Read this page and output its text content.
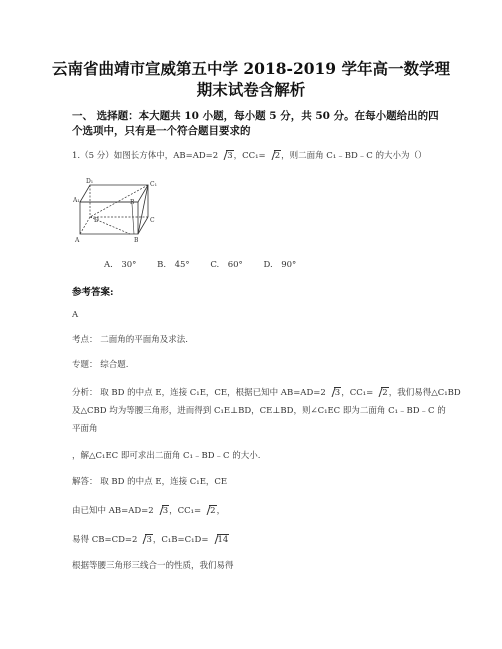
云南省曲靖市宣威第五中学 2018-2019 学年高一数学理
期末试卷含解析
一、 选择题：本大题共 10 小题，每小题 5 分，共 50 分。在每小题给出的四个选项中，只有是一个符合题目要求的
1.（5 分）如图长方体中，AB=AD=2 3，CC₁= 2，则二面角 C₁﹣BD﹣C 的大小为（）
D₁	C₁
A₁	B
D	C
A	B
A.　30° B.　45° C.　60° D.　90°
参考答案:
A
考点： 二面角的平面角及求法.
专题： 综合题.
分析： 取 BD 的中点 E，连接 C₁E，CE，根据已知中 AB=AD=2 3，CC₁= 2，我们易得△C₁BD
及△CBD 均为等腰三角形，进而得到 C₁E⊥BD，CE⊥BD，则∠C₁EC 即为二面角 C₁﹣BD﹣C 的
平面角
，解△C₁EC 即可求出二面角 C₁﹣BD﹣C 的大小.
解答： 取 BD 的中点 E，连接 C₁E，CE
由已知中 AB=AD=2 3，CC₁= 2，
易得 CB=CD=2 3，C₁B=C₁D= 14
根据等腰三角形三线合一的性质，我们易得
